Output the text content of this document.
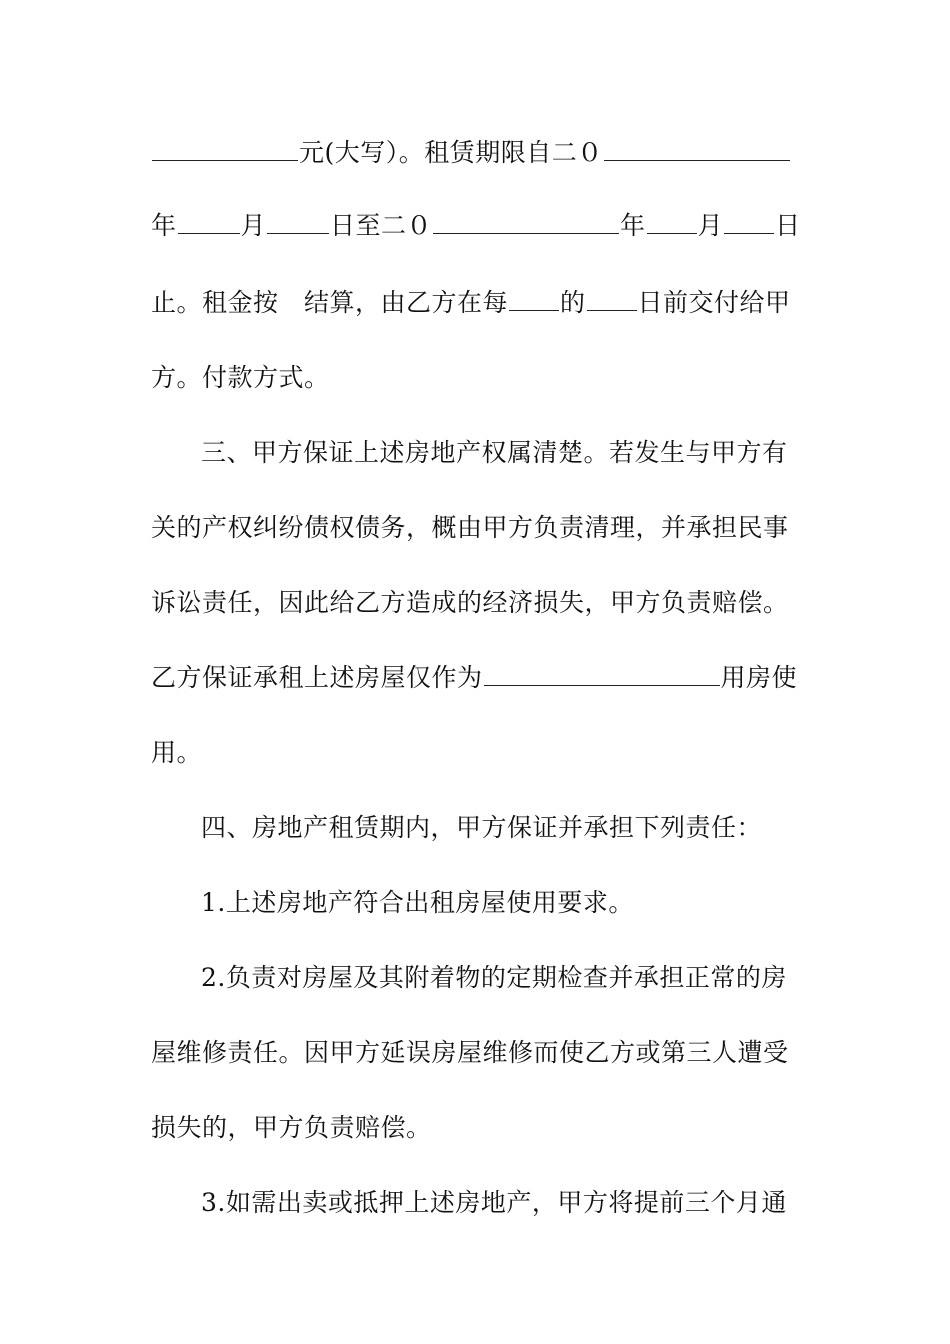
元(大写）。租赁期限自二０
年	月	日至二０	年 月 日
止。租金按　结算，由乙方在每 的 日前交付给甲
方。付款方式。
三、甲方保证上述房地产权属清楚。若发生与甲方有
关的产权纠纷债权债务，概由甲方负责清理，并承担民事
诉讼责任，因此给乙方造成的经济损失，甲方负责赔偿。
乙方保证承租上述房屋仅作为	用房使
用。
四、房地产租赁期内，甲方保证并承担下列责任：
1.上述房地产符合出租房屋使用要求。
2.负责对房屋及其附着物的定期检查并承担正常的房
屋维修责任。因甲方延误房屋维修而使乙方或第三人遭受
损失的，甲方负责赔偿。
3.如需出卖或抵押上述房地产，甲方将提前三个月通
